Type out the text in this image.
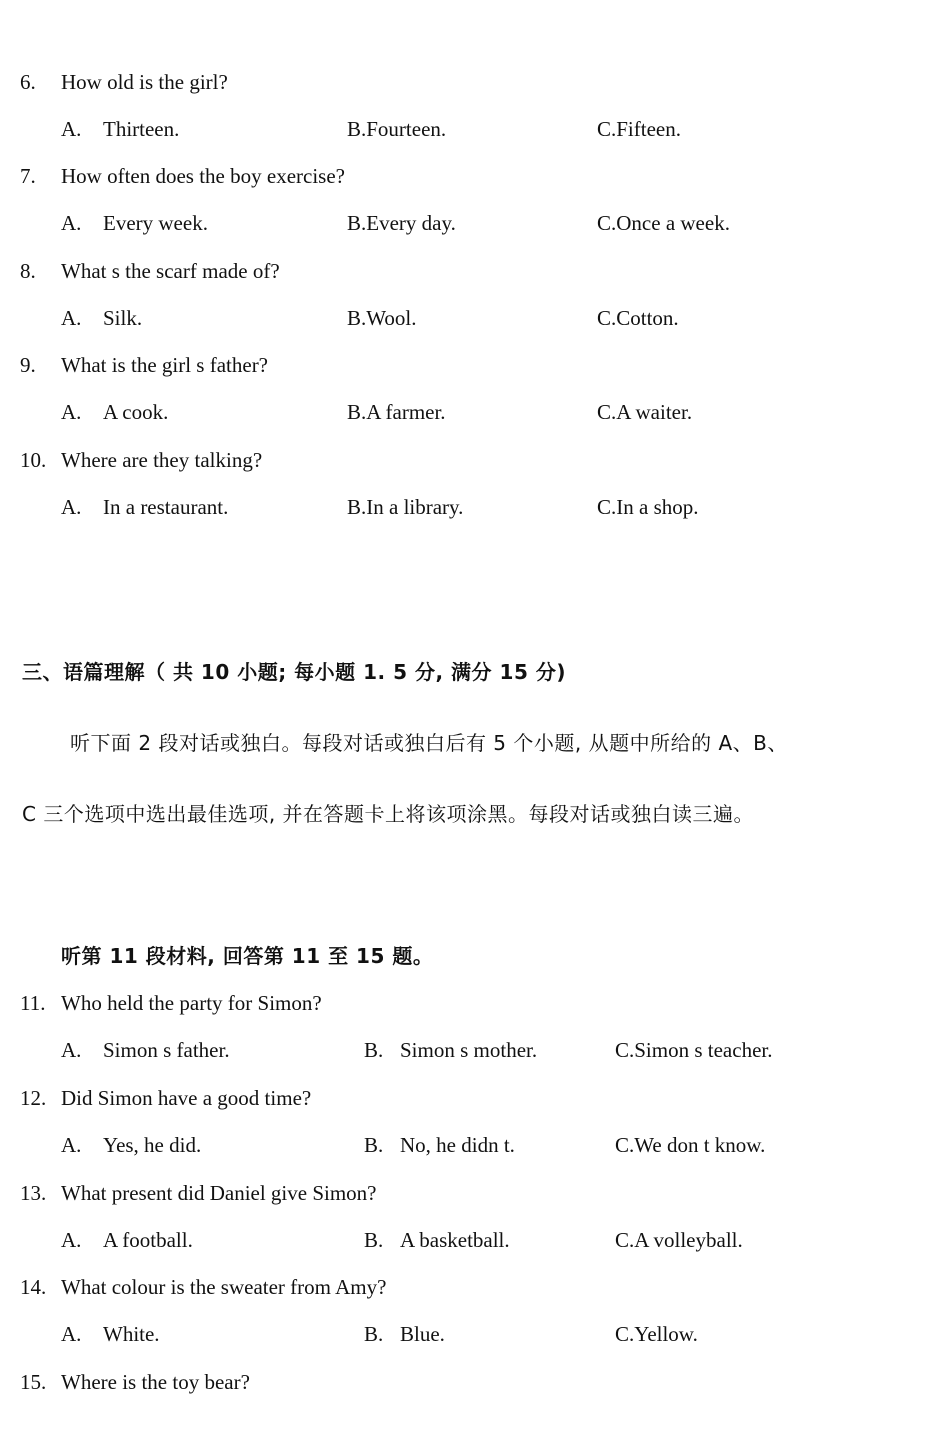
6. How old is the girl?
A. Thirteen.	B.Fourteen.	C.Fifteen.
7. How often does the boy exercise?
A. Every week.	B.Every day.	C.Once a week.
8. What s the scarf made of?
A. Silk.	B.Wool.	C.Cotton.
9. What is the girl s father?
A. A cook.	B.A farmer.	C.A waiter.
10. Where are they talking?
A. In a restaurant.	B.In a library.	C.In a shop.
三、语篇理解（ 共 10 小题; 每小题 1. 5 分, 满分 15 分)
听下面 2 段对话或独白。每段对话或独白后有 5 个小题, 从题中所给的 A、B、
C 三个选项中选出最佳选项, 并在答题卡上将该项涂黑。每段对话或独白读三遍。
听第 11 段材料, 回答第 11 至 15 题。
11. Who held the party for Simon?
A. Simon s father.	B. Simon s mother.	C.Simon s teacher.
12. Did Simon have a good time?
A. Yes, he did.	B. No, he didn t.	C.We don t know.
13. What present did Daniel give Simon?
A. A football.	B. A basketball.	C.A volleyball.
14. What colour is the sweater from Amy?
A. White.	B. Blue.	C.Yellow.
15. Where is the toy bear?
